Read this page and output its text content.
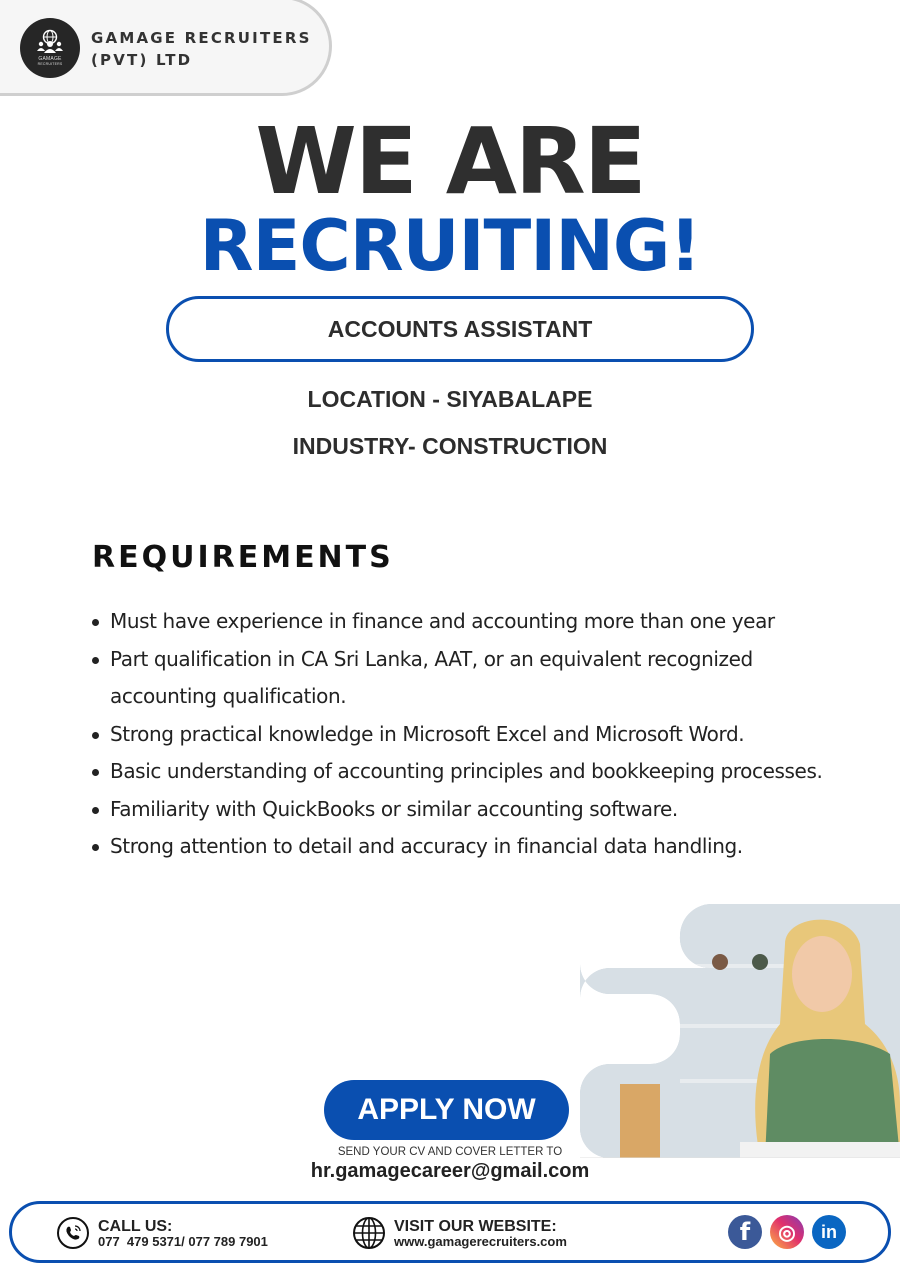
GAMAGE
RECRUITERS
GAMAGE RECRUITERS
(PVT) LTD
WE ARE
RECRUITING!
ACCOUNTS ASSISTANT
LOCATION - SIYABALAPE
INDUSTRY- CONSTRUCTION
REQUIREMENTS
Must have experience in finance and accounting more than one year
Part qualification in CA Sri Lanka, AAT, or an equivalent recognized accounting qualification.
Strong practical knowledge in Microsoft Excel and Microsoft Word.
Basic understanding of accounting principles and bookkeeping processes.
Familiarity with QuickBooks or similar accounting software.
Strong attention to detail and accuracy in financial data handling.
APPLY NOW
SEND YOUR CV AND COVER LETTER TO
hr.gamagecareer@gmail.com
CALL US:
077  479 5371/ 077 789 7901
VISIT OUR WEBSITE:
www.gamagerecruiters.com	f	◎	in
